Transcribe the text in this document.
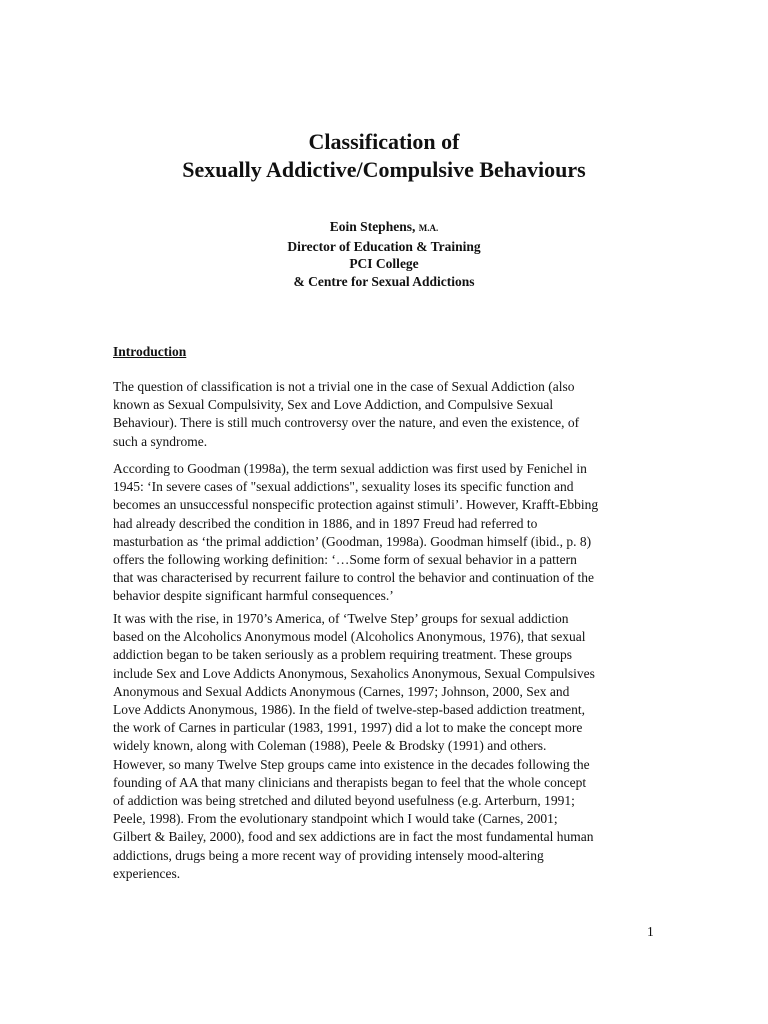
Classification of
Sexually Addictive/Compulsive Behaviours
Eoin Stephens, M.A.
Director of Education & Training
PCI College
& Centre for Sexual Addictions
Introduction

The question of classification is not a trivial one in the case of Sexual Addiction (also
known as Sexual Compulsivity, Sex and Love Addiction, and Compulsive Sexual
Behaviour). There is still much controversy over the nature, and even the existence, of
such a syndrome.

According to Goodman (1998a), the term sexual addiction was first used by Fenichel in
1945: ‘In severe cases of "sexual addictions", sexuality loses its specific function and
becomes an unsuccessful nonspecific protection against stimuli’. However, Krafft-Ebbing
had already described the condition in 1886, and in 1897 Freud had referred to
masturbation as ‘the primal addiction’ (Goodman, 1998a). Goodman himself (ibid., p. 8)
offers the following working definition: ‘…Some form of sexual behavior in a pattern
that was characterised by recurrent failure to control the behavior and continuation of the
behavior despite significant harmful consequences.’

It was with the rise, in 1970’s America, of ‘Twelve Step’ groups for sexual addiction
based on the Alcoholics Anonymous model (Alcoholics Anonymous, 1976), that sexual
addiction began to be taken seriously as a problem requiring treatment. These groups
include Sex and Love Addicts Anonymous, Sexaholics Anonymous, Sexual Compulsives
Anonymous and Sexual Addicts Anonymous (Carnes, 1997; Johnson, 2000, Sex and
Love Addicts Anonymous, 1986). In the field of twelve-step-based addiction treatment,
the work of Carnes in particular (1983, 1991, 1997) did a lot to make the concept more
widely known, along with Coleman (1988), Peele & Brodsky (1991) and others.
However, so many Twelve Step groups came into existence in the decades following the
founding of AA that many clinicians and therapists began to feel that the whole concept
of addiction was being stretched and diluted beyond usefulness (e.g. Arterburn, 1991;
Peele, 1998). From the evolutionary standpoint which I would take (Carnes, 2001;
Gilbert & Bailey, 2000), food and sex addictions are in fact the most fundamental human
addictions, drugs being a more recent way of providing intensely mood-altering
experiences.

1
